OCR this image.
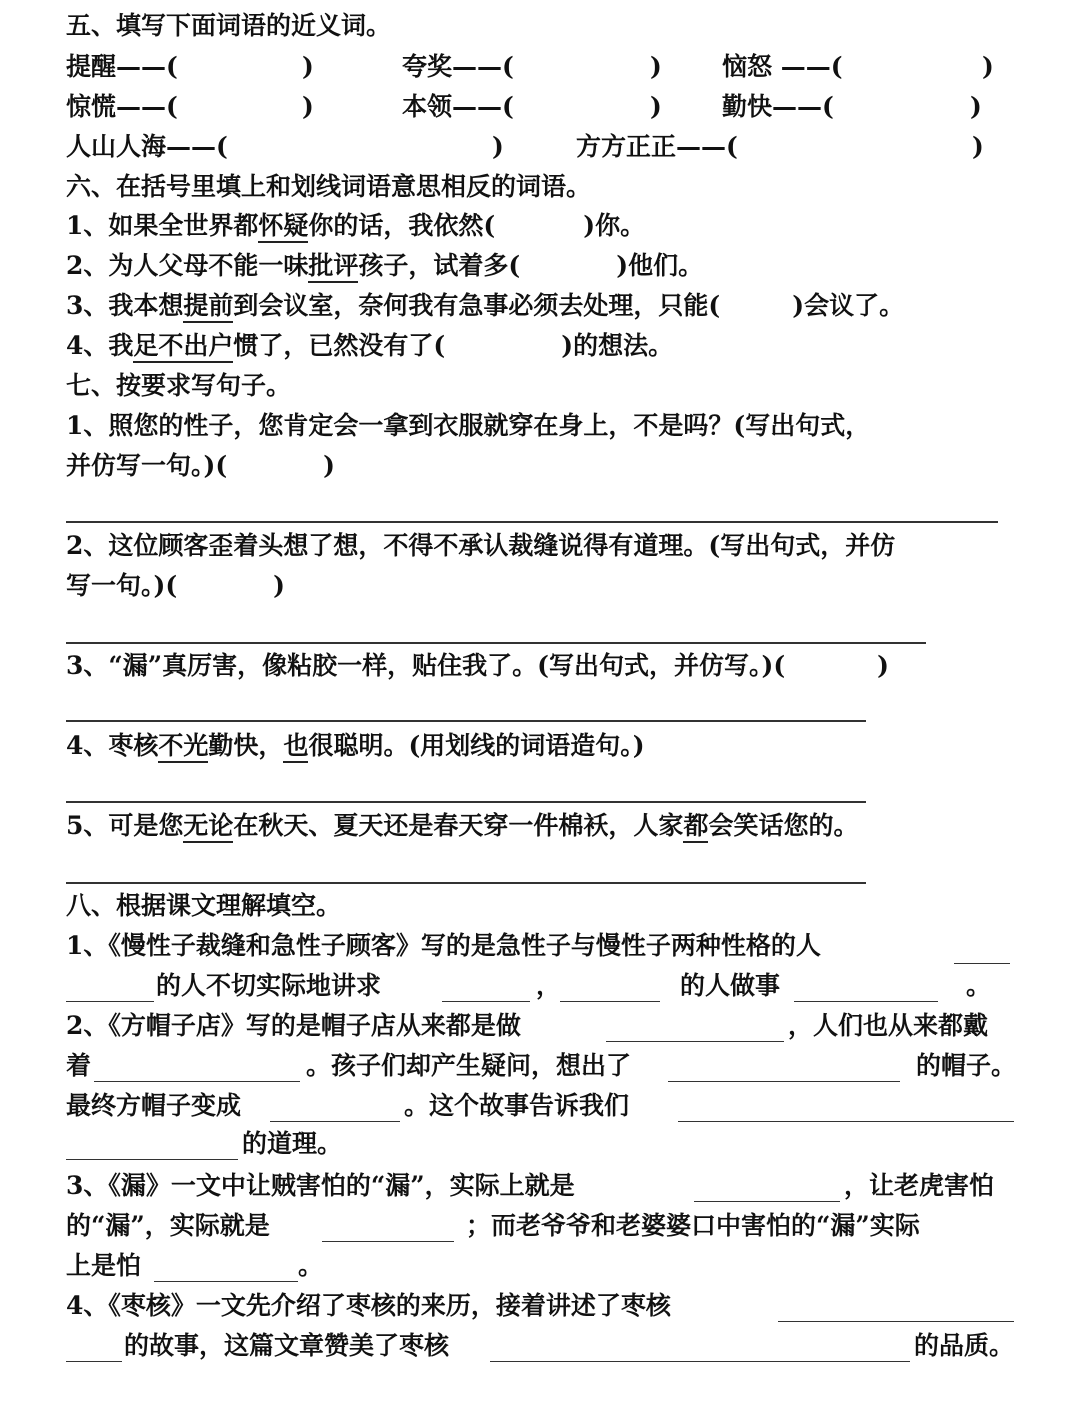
五、填写下面词语的近义词。
提醒——(	)	夸奖——(	) 恼怒 ——(	)
惊慌——(	)	本领——(	) 勤快——(	)
人山人海——(	)	方方正正——(	)
六、在括号里填上和划线词语意思相反的词语。
1、如果全世界都怀疑你的话，我依然(	)你。
2、为人父母不能一味批评孩子，试着多(	)他们。
3、我本想提前到会议室，奈何我有急事必须去处理，只能(	)会议了。
4、我足不出户惯了，已然没有了(	)的想法。
七、按要求写句子。
1、照您的性子，您肯定会一拿到衣服就穿在身上，不是吗？(写出句式，
并仿写一句。)(	)
2、这位顾客歪着头想了想，不得不承认裁缝说得有道理。(写出句式，并仿
写一句。)(	)
3、“漏”真厉害，像粘胶一样，贴住我了。(写出句式，并仿写。)(	)
4、枣核不光勤快，也很聪明。(用划线的词语造句。)
5、可是您无论在秋天、夏天还是春天穿一件棉袄，人家都会笑话您的。
八、根据课文理解填空。
1、《慢性子裁缝和急性子顾客》写的是急性子与慢性子两种性格的人
的人不切实际地讲求	，	的人做事	。
2、《方帽子店》写的是帽子店从来都是做	，人们也从来都戴
着	。孩子们却产生疑问，想出了	的帽子。
最终方帽子变成	。这个故事告诉我们
的道理。
3、《漏》一文中让贼害怕的“漏”，实际上就是	，让老虎害怕
的“漏”，实际就是	；而老爷爷和老婆婆口中害怕的“漏”实际
上是怕	。
4、《枣核》一文先介绍了枣核的来历，接着讲述了枣核
的故事，这篇文章赞美了枣核	的品质。
